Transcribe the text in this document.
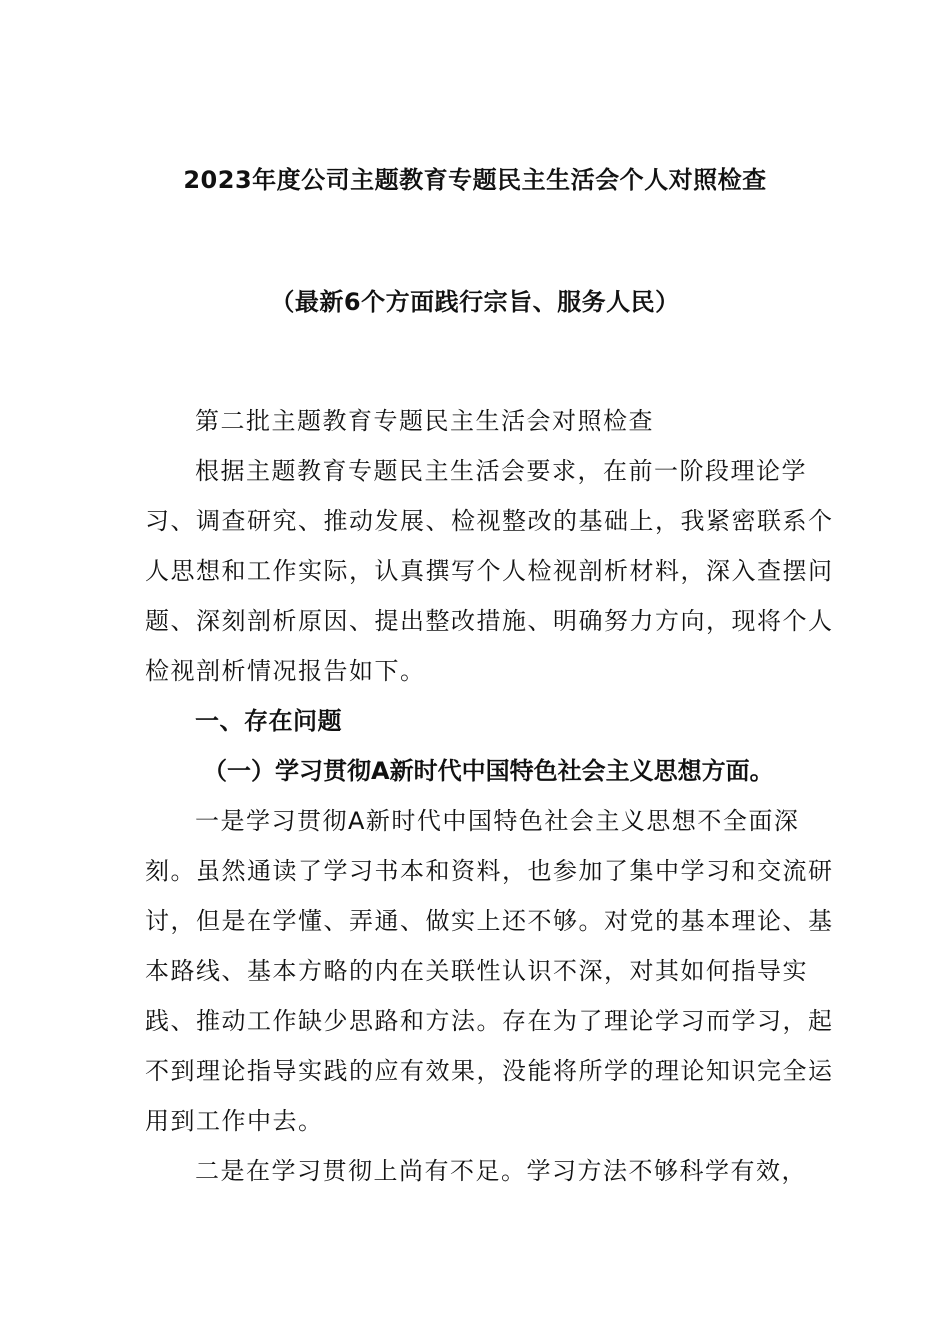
2023年度公司主题教育专题民主生活会个人对照检查
（最新6个方面践行宗旨、服务人民）

第二批主题教育专题民主生活会对照检查

根据主题教育专题民主生活会要求，在前一阶段理论学习、调查研究、推动发展、检视整改的基础上，我紧密联系个人思想和工作实际，认真撰写个人检视剖析材料，深入查摆问题、深刻剖析原因、提出整改措施、明确努力方向，现将个人检视剖析情况报告如下。

一、存在问题

（一）学习贯彻A新时代中国特色社会主义思想方面。

一是学习贯彻A新时代中国特色社会主义思想不全面深刻。虽然通读了学习书本和资料，也参加了集中学习和交流研讨，但是在学懂、弄通、做实上还不够。对党的基本理论、基本路线、基本方略的内在关联性认识不深，对其如何指导实践、推动工作缺少思路和方法。存在为了理论学习而学习，起不到理论指导实践的应有效果，没能将所学的理论知识完全运用到工作中去。

二是在学习贯彻上尚有不足。学习方法不够科学有效，
